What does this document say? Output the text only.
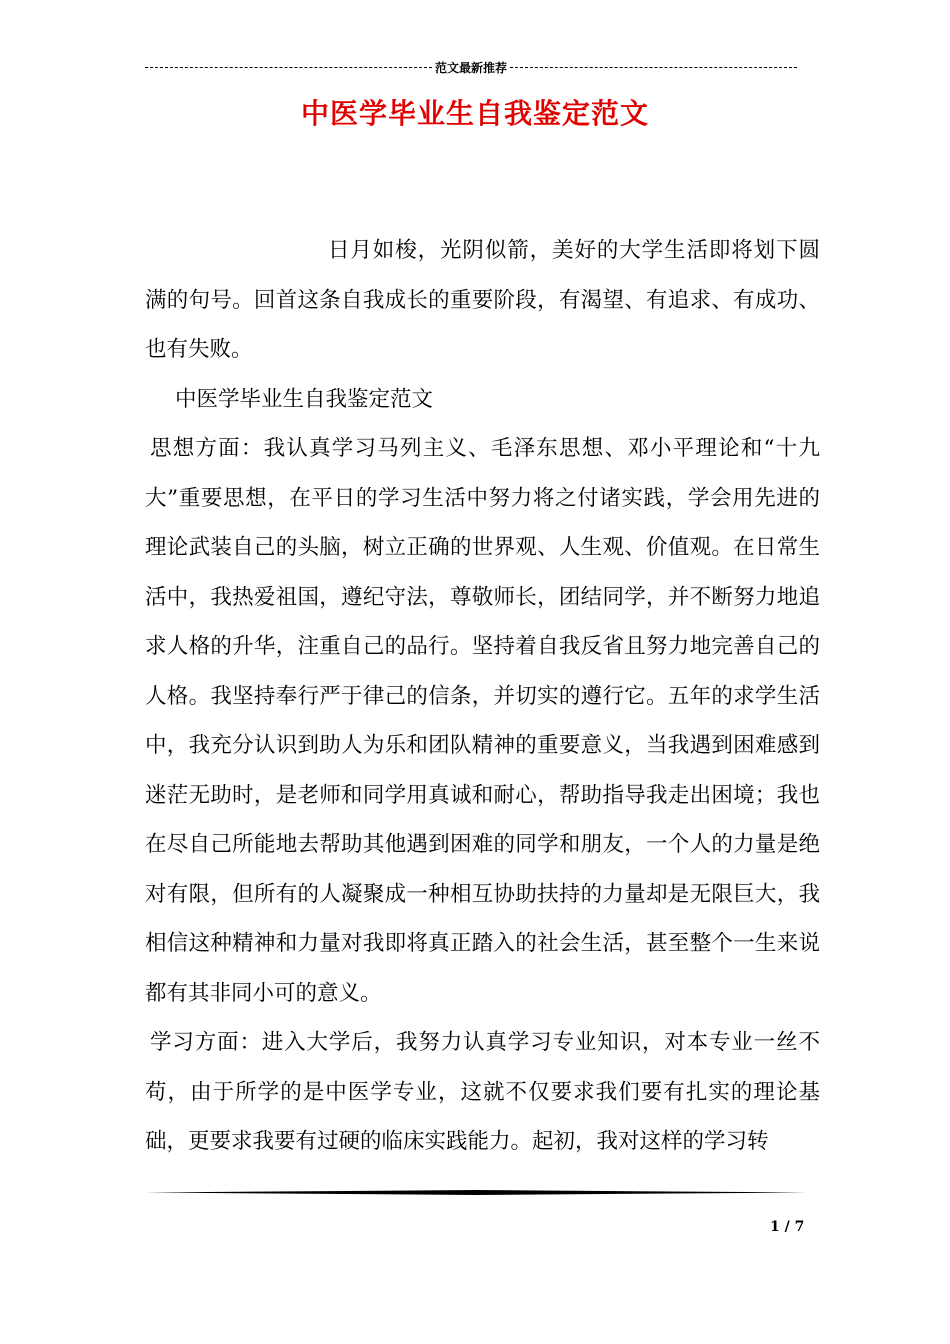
范文最新推荐
中医学毕业生自我鉴定范文

日月如梭，光阴似箭，美好的大学生活即将划下圆满的句号。回首这条自我成长的重要阶段，有渴望、有追求、有成功、也有失败。

中医学毕业生自我鉴定范文

思想方面：我认真学习马列主义、毛泽东思想、邓小平理论和“十九大”重要思想，在平日的学习生活中努力将之付诸实践，学会用先进的理论武装自己的头脑，树立正确的世界观、人生观、价值观。在日常生活中，我热爱祖国，遵纪守法，尊敬师长，团结同学，并不断努力地追求人格的升华，注重自己的品行。坚持着自我反省且努力地完善自己的人格。我坚持奉行严于律己的信条，并切实的遵行它。五年的求学生活中，我充分认识到助人为乐和团队精神的重要意义，当我遇到困难感到迷茫无助时，是老师和同学用真诚和耐心，帮助指导我走出困境；我也在尽自己所能地去帮助其他遇到困难的同学和朋友，一个人的力量是绝对有限，但所有的人凝聚成一种相互协助扶持的力量却是无限巨大，我相信这种精神和力量对我即将真正踏入的社会生活，甚至整个一生来说都有其非同小可的意义。

学习方面：进入大学后，我努力认真学习专业知识，对本专业一丝不苟，由于所学的是中医学专业，这就不仅要求我们要有扎实的理论基础，更要求我要有过硬的临床实践能力。起初，我对这样的学习转

1 / 7
